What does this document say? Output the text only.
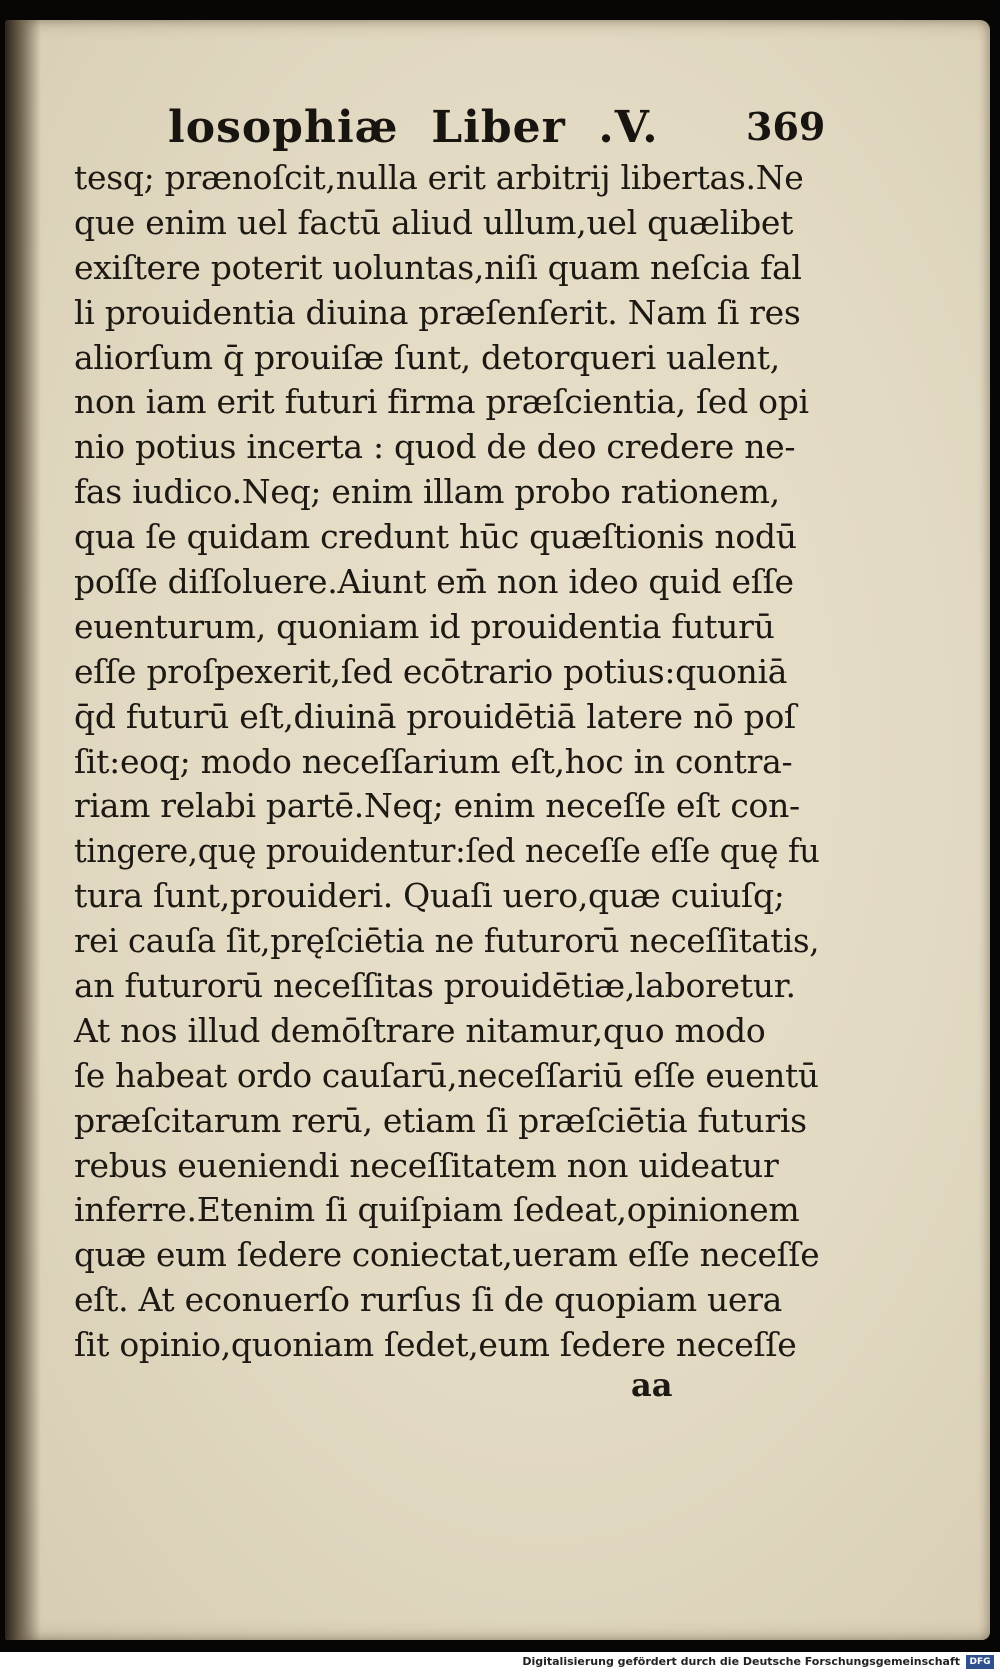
losophiæ  Liber  .V. 369
tesq; prænoſcit,nulla erit arbitrij libertas.Ne
que enim uel factū aliud ullum,uel quælibet
exiſtere poterit uoluntas,niſi quam neſcia fal
li prouidentia diuina præſenſerit. Nam ſi res
aliorſum q̄ prouiſæ ſunt, detorqueri ualent,
non iam erit futuri firma præſcientia, ſed opi
nio potius incerta : quod de deo credere ne-
fas iudico.Neq; enim illam probo rationem,
qua ſe quidam credunt hūc quæſtionis nodū
poſſe diſſoluere.Aiunt em̄ non ideo quid eſſe
euenturum, quoniam id prouidentia futurū
eſſe proſpexerit,ſed ecōtrario potius:quoniā
q̄d futurū eſt,diuinā prouidētiā latere nō poſ
ſit:eoq; modo neceſſarium eſt,hoc in contra-
riam relabi partē.Neq; enim neceſſe eſt con-
tingere,quę prouidentur:ſed neceſſe eſſe quę fu
tura ſunt,prouideri. Quaſi uero,quæ cuiuſq;
rei cauſa ſit,pręſciētia ne futurorū neceſſitatis,
an futurorū neceſſitas prouidētiæ,laboretur.
At nos illud demōſtrare nitamur,quo modo
ſe habeat ordo cauſarū,neceſſariū eſſe euentū
præſcitarum rerū, etiam ſi præſciētia futuris
rebus eueniendi neceſſitatem non uideatur
inferre.Etenim ſi quiſpiam ſedeat,opinionem
quæ eum ſedere coniectat,ueram eſſe neceſſe
eſt. At econuerſo rurſus ſi de quopiam uera
ſit opinio,quoniam ſedet,eum ſedere neceſſe
aa
Digitalisierung gefördert durch die Deutsche Forschungsgemeinschaft	DFG
